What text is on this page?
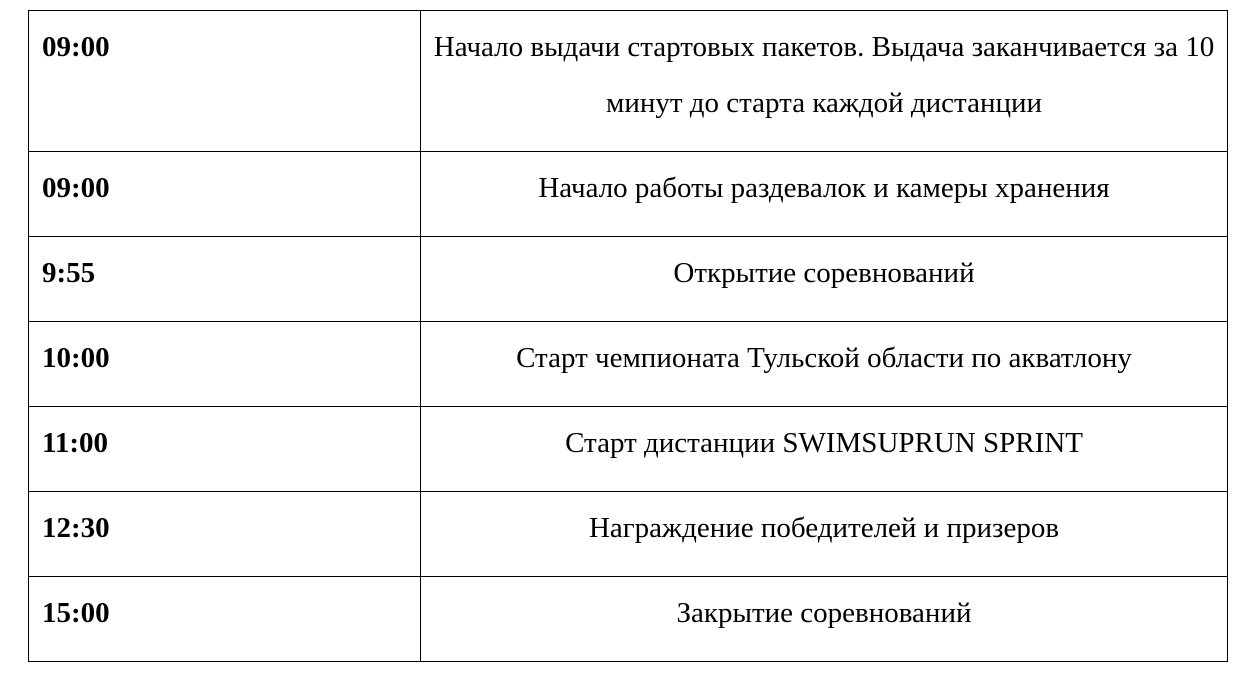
09:00	Начало выдачи стартовых пакетов. Выдача заканчивается за 10 минут до старта каждой дистанции
09:00	Начало работы раздевалок и камеры хранения
9:55	Открытие соревнований
10:00	Старт чемпионата Тульской области по акватлону
11:00	Старт дистанции SWIMSUPRUN SPRINT
12:30	Награждение победителей и призеров
15:00	Закрытие соревнований
